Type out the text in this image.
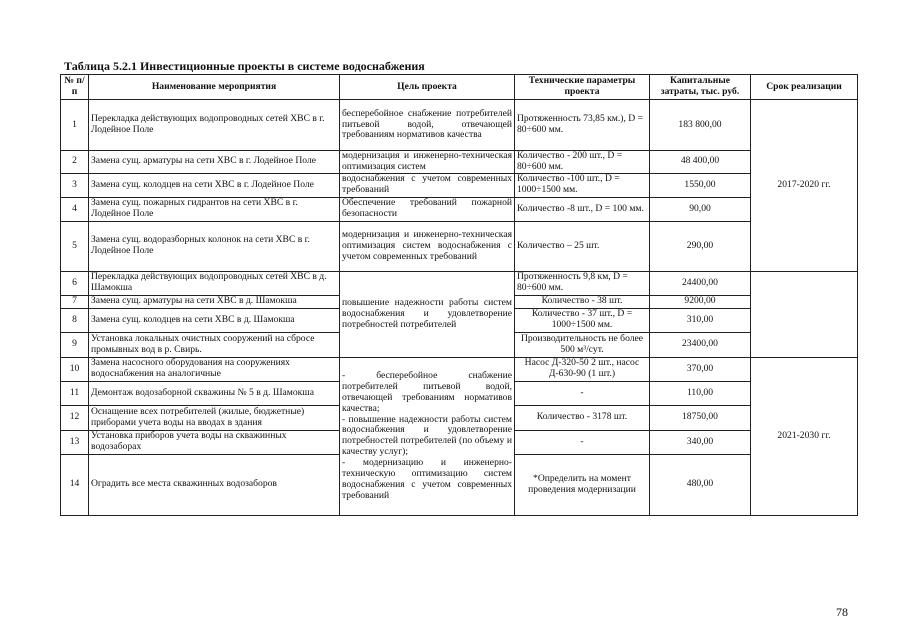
Таблица 5.2.1 Инвестиционные проекты в системе водоснабжения
№ п/п	Наименование мероприятия	Цель проекта	Технические параметры проекта	Капитальные затраты, тыс. руб.	Срок реализации
1	Перекладка действующих водопроводных сетей ХВС в г. Лодейное Поле	бесперебойное снабжение потребителей питьевой водой, отвечающей требованиям нормативов качества	Протяженность 73,85 км.), D = 80÷600 мм.	183 800,00	2017-2020 гг.
2	Замена сущ. арматуры на сети ХВС в г. Лодейное Поле	модернизация и инженерно-техническая оптимизация систем	Количество - 200 шт., D = 80÷600 мм.	48 400,00	
3	Замена сущ. колодцев на сети ХВС в г. Лодейное Поле	водоснабжения с учетом современных требований	Количество -100 шт., D = 1000÷1500 мм.	1550,00	
4	Замена сущ. пожарных гидрантов на сети ХВС в г. Лодейное Поле	Обеспечение требований пожарной безопасности	Количество -8 шт., D = 100 мм.	90,00	
5	Замена сущ. водоразборных колонок на сети ХВС в г. Лодейное Поле	модернизация и инженерно-техническая оптимизация систем водоснабжения с учетом современных требований	Количество – 25 шт.	290,00	
6	Перекладка действующих водопроводных сетей ХВС в д. Шамокша	повышение надежности работы систем водоснабжения и удовлетворение потребностей потребителей	Протяженность 9,8 км, D = 80÷600 мм.	24400,00	
7	Замена сущ. арматуры на сети ХВС в д. Шамокша		Количество - 38 шт.	9200,00	
8	Замена сущ. колодцев на сети ХВС в д. Шамокша		Количество - 37 шт., D = 1000÷1500 мм.	310,00	
9	Установка локальных очистных сооружений на сбросе промывных вод в р. Свирь.		Производительность не более 500 м³/сут.	23400,00	
10	Замена насосного оборудования на сооружениях водоснабжения на аналогичные	- бесперебойное снабжение потребителей питьевой водой, отвечающей требованиям нормативов качества;
- повышение надежности работы систем водоснабжения и удовлетворение потребностей потребителей (по объему и качеству услуг);
- модернизацию и инженерно-техническую оптимизацию систем водоснабжения с учетом современных требований	Насос Д-320-50 2 шт., насос Д-630-90 (1 шт.)	370,00	2021-2030 гг.
11	Демонтаж водозаборной скважины № 5 в д. Шамокша		-	110,00	
12	Оснащение всех потребителей (жилые, бюджетные) приборами учета воды на вводах в здания		Количество - 3178 шт.	18750,00	
13	Установка приборов учета воды на скважинных водозаборах		-	340,00	
14	Оградить все места скважинных водозаборов		*Определить на момент проведения модернизации	480,00	
78
